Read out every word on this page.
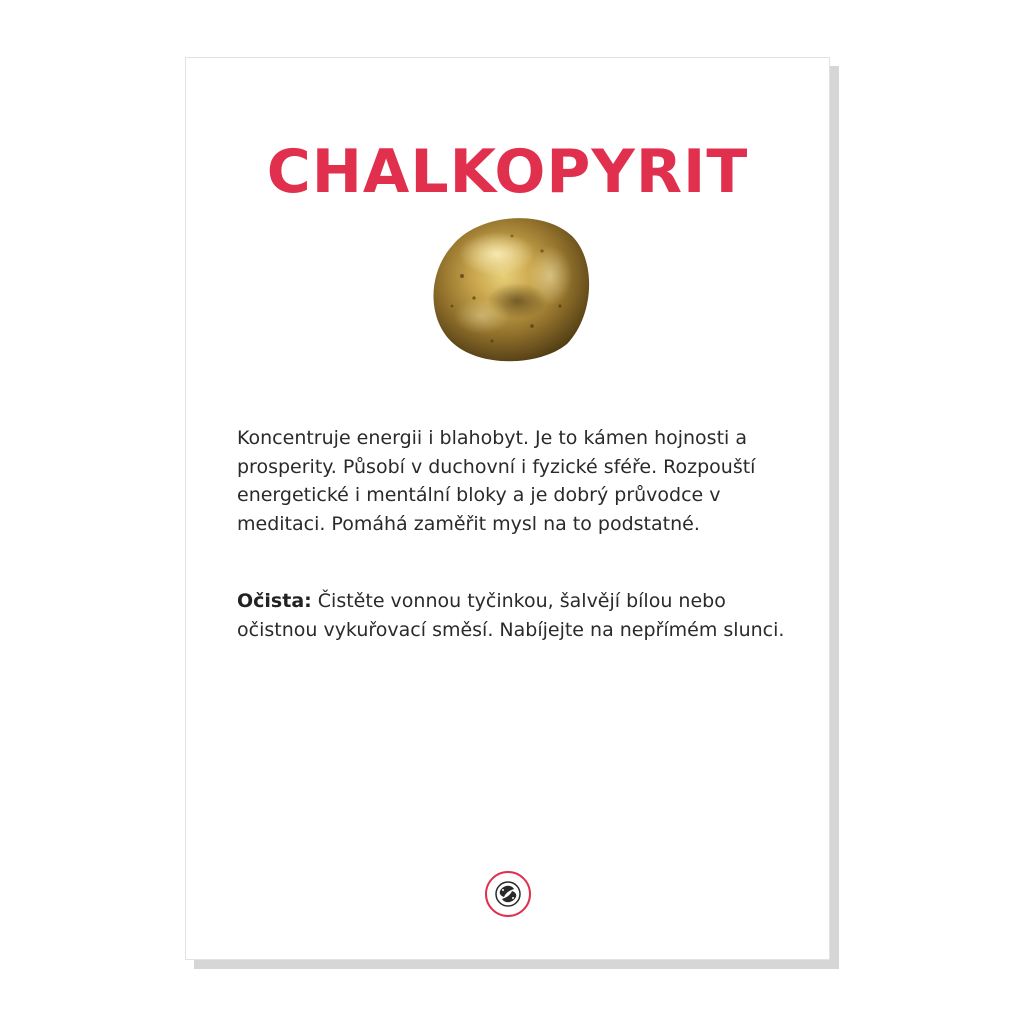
CHALKOPYRIT

Koncentruje energii i blahobyt. Je to kámen hojnosti a prosperity. Působí v duchovní i fyzické sféře. Rozpouští energetické i mentální bloky a je dobrý průvodce v meditaci. Pomáhá zaměřit mysl na to podstatné.

Očista: Čistěte vonnou tyčinkou, šalvějí bílou nebo očistnou vykuřovací směsí. Nabíjejte na nepřímém slunci.
